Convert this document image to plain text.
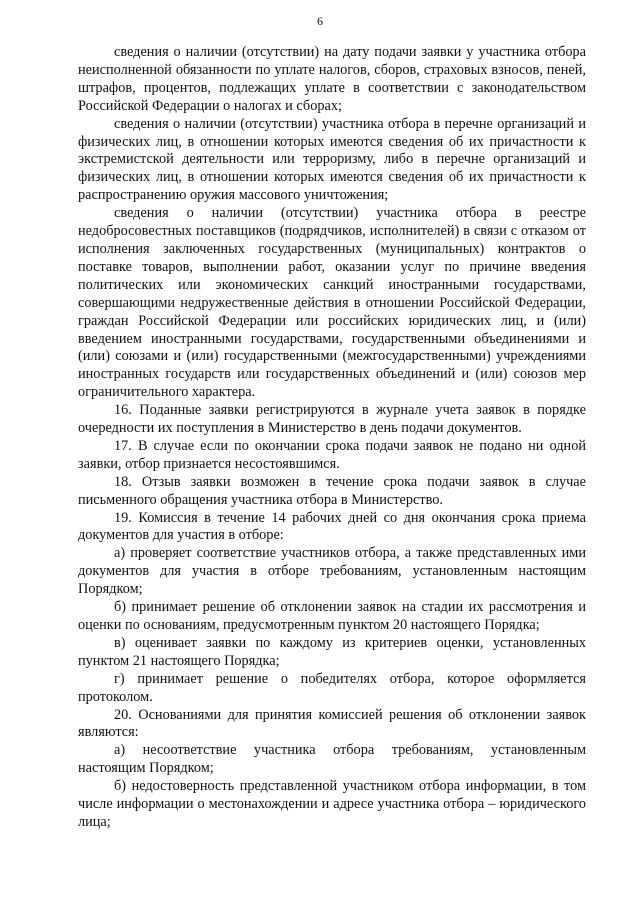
6

сведения о наличии (отсутствии) на дату подачи заявки у участника отбора неисполненной обязанности по уплате налогов, сборов, страховых взносов, пеней, штрафов, процентов, подлежащих уплате в соответствии с законодательством Российской Федерации о налогах и сборах;

сведения о наличии (отсутствии) участника отбора в перечне организаций и физических лиц, в отношении которых имеются сведения об их причастности к экстремистской деятельности или терроризму, либо в перечне организаций и физических лиц, в отношении которых имеются сведения об их причастности к распространению оружия массового уничтожения;

сведения о наличии (отсутствии) участника отбора в реестре недобросовестных поставщиков (подрядчиков, исполнителей) в связи с отказом от исполнения заключенных государственных (муниципальных) контрактов о поставке товаров, выполнении работ, оказании услуг по причине введения политических или экономических санкций иностранными государствами, совершающими недружественные действия в отношении Российской Федерации, граждан Российской Федерации или российских юридических лиц, и (или) введением иностранными государствами, государственными объединениями и (или) союзами и (или) государственными (межгосударственными) учреждениями иностранных государств или государственных объединений и (или) союзов мер ограничительного характера.

16. Поданные заявки регистрируются в журнале учета заявок в порядке очередности их поступления в Министерство в день подачи документов.

17. В случае если по окончании срока подачи заявок не подано ни одной заявки, отбор признается несостоявшимся.

18. Отзыв заявки возможен в течение срока подачи заявок в случае письменного обращения участника отбора в Министерство.

19. Комиссия в течение 14 рабочих дней со дня окончания срока приема документов для участия в отборе:

а) проверяет соответствие участников отбора, а также представленных ими документов для участия в отборе требованиям, установленным настоящим Порядком;

б) принимает решение об отклонении заявок на стадии их рассмотрения и оценки по основаниям, предусмотренным пунктом 20 настоящего Порядка;

в) оценивает заявки по каждому из критериев оценки, установленных пунктом 21 настоящего Порядка;

г) принимает решение о победителях отбора, которое оформляется протоколом.

20. Основаниями для принятия комиссией решения об отклонении заявок являются:

а) несоответствие участника отбора требованиям, установленным настоящим Порядком;

б) недостоверность представленной участником отбора информации, в том числе информации о местонахождении и адресе участника отбора – юридического лица;
